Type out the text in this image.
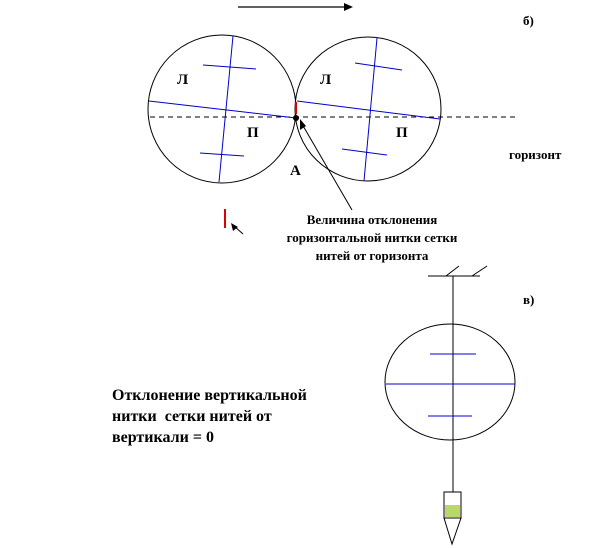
б)
в)
Л
П
Л
П
А
горизонт
Величина отклонения
горизонтальной нитки сетки
нитей от горизонта
Отклонение вертикальной
нитки  сетки нитей от
вертикали = 0
